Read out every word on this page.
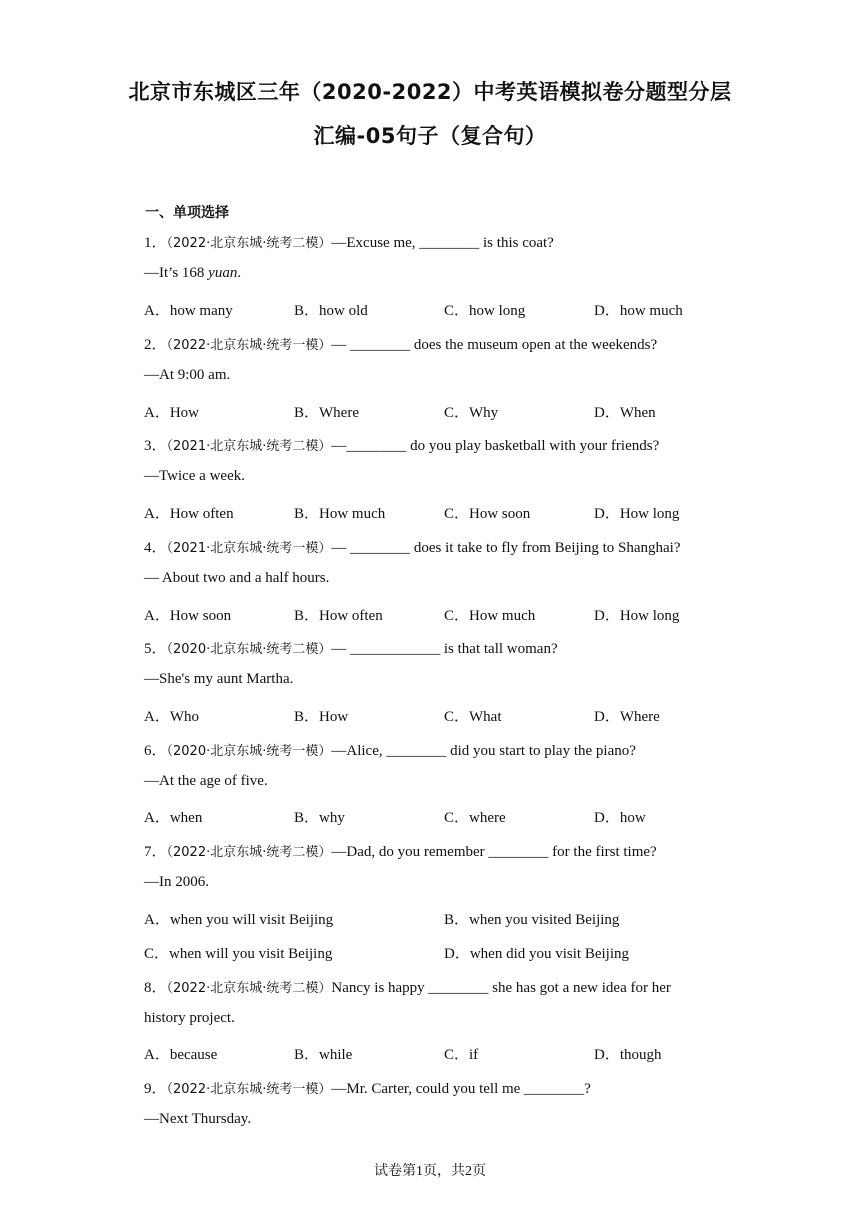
北京市东城区三年（2020-2022）中考英语模拟卷分题型分层
汇编-05句子（复合句）
一、单项选择
1．（2022·北京东城·统考二模）—Excuse me, ________ is this coat?
—It’s 168 yuan.
A．how many	B．how old	C．how long	D．how much
2．（2022·北京东城·统考一模）— ________ does the museum open at the weekends?
—At 9:00 am.
A．How	B．Where	C．Why	D．When
3．（2021·北京东城·统考二模）—________ do you play basketball with your friends?
—Twice a week.
A．How often	B．How much	C．How soon	D．How long
4．（2021·北京东城·统考一模）— ________ does it take to fly from Beijing to Shanghai?
— About two and a half hours.
A．How soon	B．How often	C．How much	D．How long
5．（2020·北京东城·统考二模）— ____________ is that tall woman?
—She's my aunt Martha.
A．Who	B．How	C．What	D．Where
6．（2020·北京东城·统考一模）—Alice, ________ did you start to play the piano?
—At the age of five.
A．when	B．why	C．where	D．how
7．（2022·北京东城·统考二模）—Dad, do you remember ________ for the first time?
—In 2006.
A．when you will visit Beijing	B．when you visited Beijing
C．when will you visit Beijing	D．when did you visit Beijing
8．（2022·北京东城·统考二模）Nancy is happy ________ she has got a new idea for her
history project.
A．because	B．while	C．if	D．though
9．（2022·北京东城·统考一模）—Mr. Carter, could you tell me ________?
—Next Thursday.
试卷第1页，共2页
